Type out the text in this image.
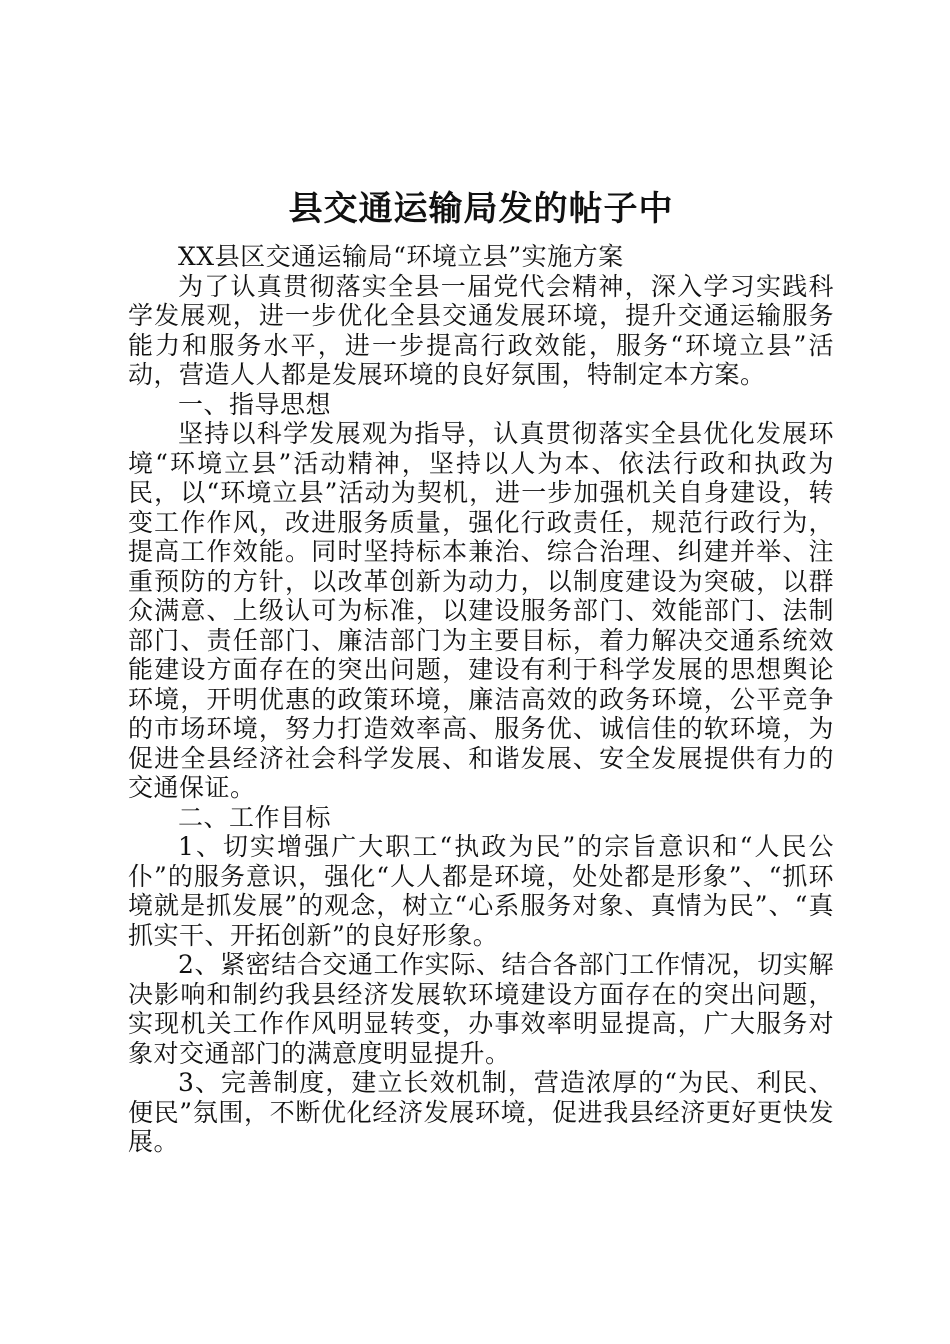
县交通运输局发的帖子中

XX县区交通运输局“环境立县”实施方案

为了认真贯彻落实全县一届党代会精神，深入学习实践科学发展观，进一步优化全县交通发展环境，提升交通运输服务能力和服务水平，进一步提高行政效能，服务“环境立县”活动，营造人人都是发展环境的良好氛围，特制定本方案。

一、指导思想

坚持以科学发展观为指导，认真贯彻落实全县优化发展环境“环境立县”活动精神，坚持以人为本、依法行政和执政为民，以“环境立县”活动为契机，进一步加强机关自身建设，转变工作作风，改进服务质量，强化行政责任，规范行政行为，提高工作效能。同时坚持标本兼治、综合治理、纠建并举、注重预防的方针，以改革创新为动力，以制度建设为突破，以群众满意、上级认可为标准，以建设服务部门、效能部门、法制部门、责任部门、廉洁部门为主要目标，着力解决交通系统效能建设方面存在的突出问题，建设有利于科学发展的思想舆论环境，开明优惠的政策环境，廉洁高效的政务环境，公平竞争的市场环境，努力打造效率高、服务优、诚信佳的软环境，为促进全县经济社会科学发展、和谐发展、安全发展提供有力的交通保证。

二、工作目标

1、切实增强广大职工“执政为民”的宗旨意识和“人民公仆”的服务意识，强化“人人都是环境，处处都是形象”、“抓环境就是抓发展”的观念，树立“心系服务对象、真情为民”、“真抓实干、开拓创新”的良好形象。

2、紧密结合交通工作实际、结合各部门工作情况，切实解决影响和制约我县经济发展软环境建设方面存在的突出问题，实现机关工作作风明显转变，办事效率明显提高，广大服务对象对交通部门的满意度明显提升。

3、完善制度，建立长效机制，营造浓厚的“为民、利民、便民”氛围，不断优化经济发展环境，促进我县经济更好更快发展。
